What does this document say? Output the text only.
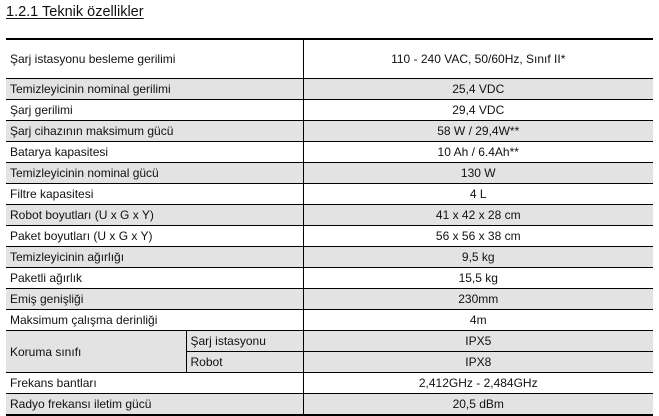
1.2.1 Teknik özellikler
Şarj istasyonu besleme gerilimi		110 - 240 VAC, 50/60Hz, Sınıf II*
Temizleyicinin nominal gerilimi		25,4 VDC
Şarj gerilimi		29,4 VDC
Şarj cihazının maksimum gücü		58 W / 29,4W**
Batarya kapasitesi		10 Ah / 6.4Ah**
Temizleyicinin nominal gücü		130 W
Filtre kapasitesi		4 L
Robot boyutları (U x G x Y)		41 x 42 x 28 cm
Paket boyutları (U x G x Y)		56 x 56 x 38 cm
Temizleyicinin ağırlığı		9,5 kg
Paketli ağırlık		15,5 kg
Emiş genişliği		230mm
Maksimum çalışma derinliği		4m
Koruma sınıfı	Şarj istasyonu	IPX5
	Robot	IPX8
Frekans bantları		2,412GHz - 2,484GHz
Radyo frekansı iletim gücü		20,5 dBm
